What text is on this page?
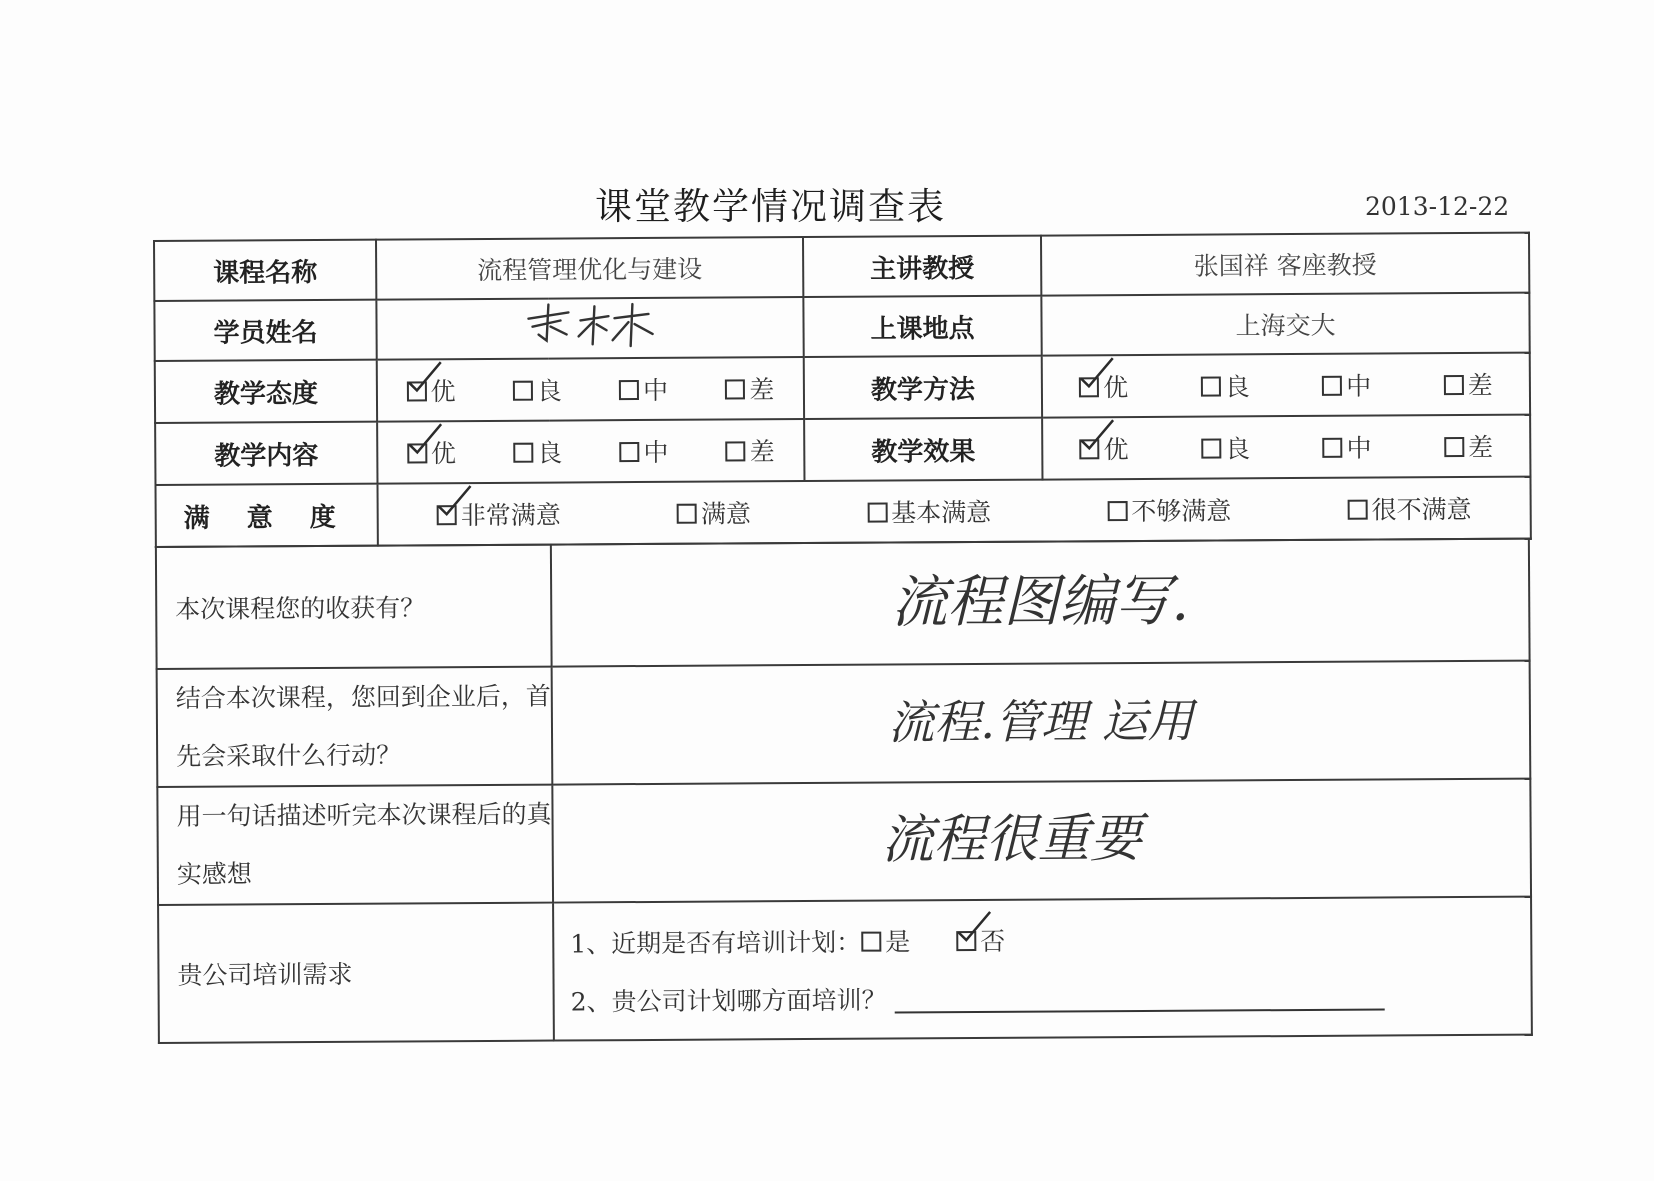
课堂教学情况调查表	2013-12-22
课程名称	流程管理优化与建设	主讲教授	张国祥 客座教授
学员姓名		上课地点	上海交大
教学态度	优 良 中 差	教学方法	优 良 中 差

教学内容	优 良 中 差	教学效果	优 良 中 差

满 意 度	非常满意 满意 基本满意 不够满意 很不满意		
本次课程您的收获有？	流程图编写.

结合本次课程，您回到企业后，首先会采取什么行动？	流程.管理 运用

用一句话描述听完本次课程后的真实感想	流程很重要

贵公司培训需求	1、近期是否有培训计划： 是 否
2、贵公司计划哪方面培训？
